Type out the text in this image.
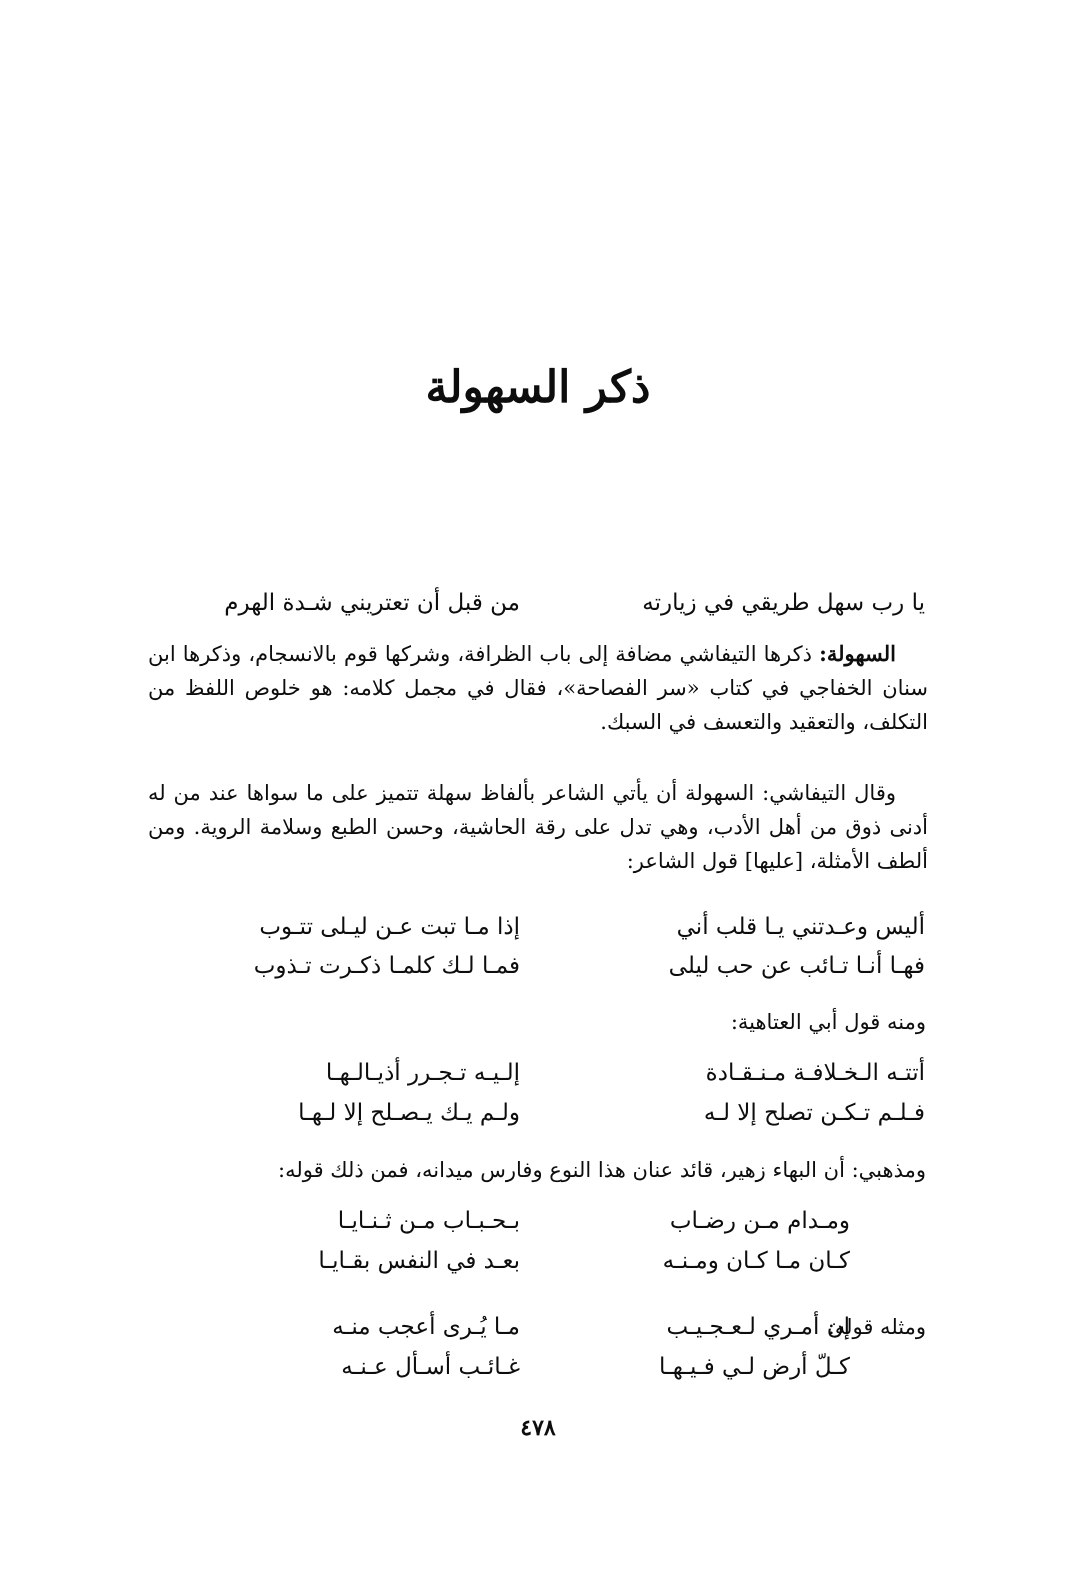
ذكر السهولة
يا رب سهل طريقي في زيارته
من قبل أن تعتريني شـدة الهرم

السهولة: ذكرها التيفاشي مضافة إلى باب الظرافة، وشركها قوم بالانسجام، وذكرها ابن سنان الخفاجي في كتاب «سر الفصاحة»، فقال في مجمل كلامه: هو خلوص اللفظ من التكلف، والتعقيد والتعسف في السبك.

وقال التيفاشي: السهولة أن يأتي الشاعر بألفاظ سهلة تتميز على ما سواها عند من له أدنى ذوق من أهل الأدب، وهي تدل على رقة الحاشية، وحسن الطبع وسلامة الروية. ومن ألطف الأمثلة، [عليها] قول الشاعر:

أليس وعـدتني يـا قلب أني
إذا مـا تبت عـن ليـلى تتـوب
فهـا أنـا تـائب عن حب ليلى
فمـا لـك كلمـا ذكـرت تـذوب
ومنه قول أبي العتاهية:
أتتـه الـخـلافـة مـنـقـادة
إلـيـه تـجـرر أذيـالـهـا
فـلـم تـكـن تصلح إلا لـه
ولـم يـك يـصـلح إلا لـهـا
ومذهبي: أن البهاء زهير، قائد عنان هذا النوع وفارس ميدانه، فمن ذلك قوله:
ومـدام مـن رضـاب
بـحـبـاب مـن ثـنـايـا
كـان مـا كـان ومـنـه
بعـد في النفس بقـايـا
ومثله قوله:
إن أمـري لـعـجـيـب
مـا يُـرى أعجب منـه
كـلّ أرض لـي فـيـهـا
غـائـب أسـأل عـنـه
٤٧٨
